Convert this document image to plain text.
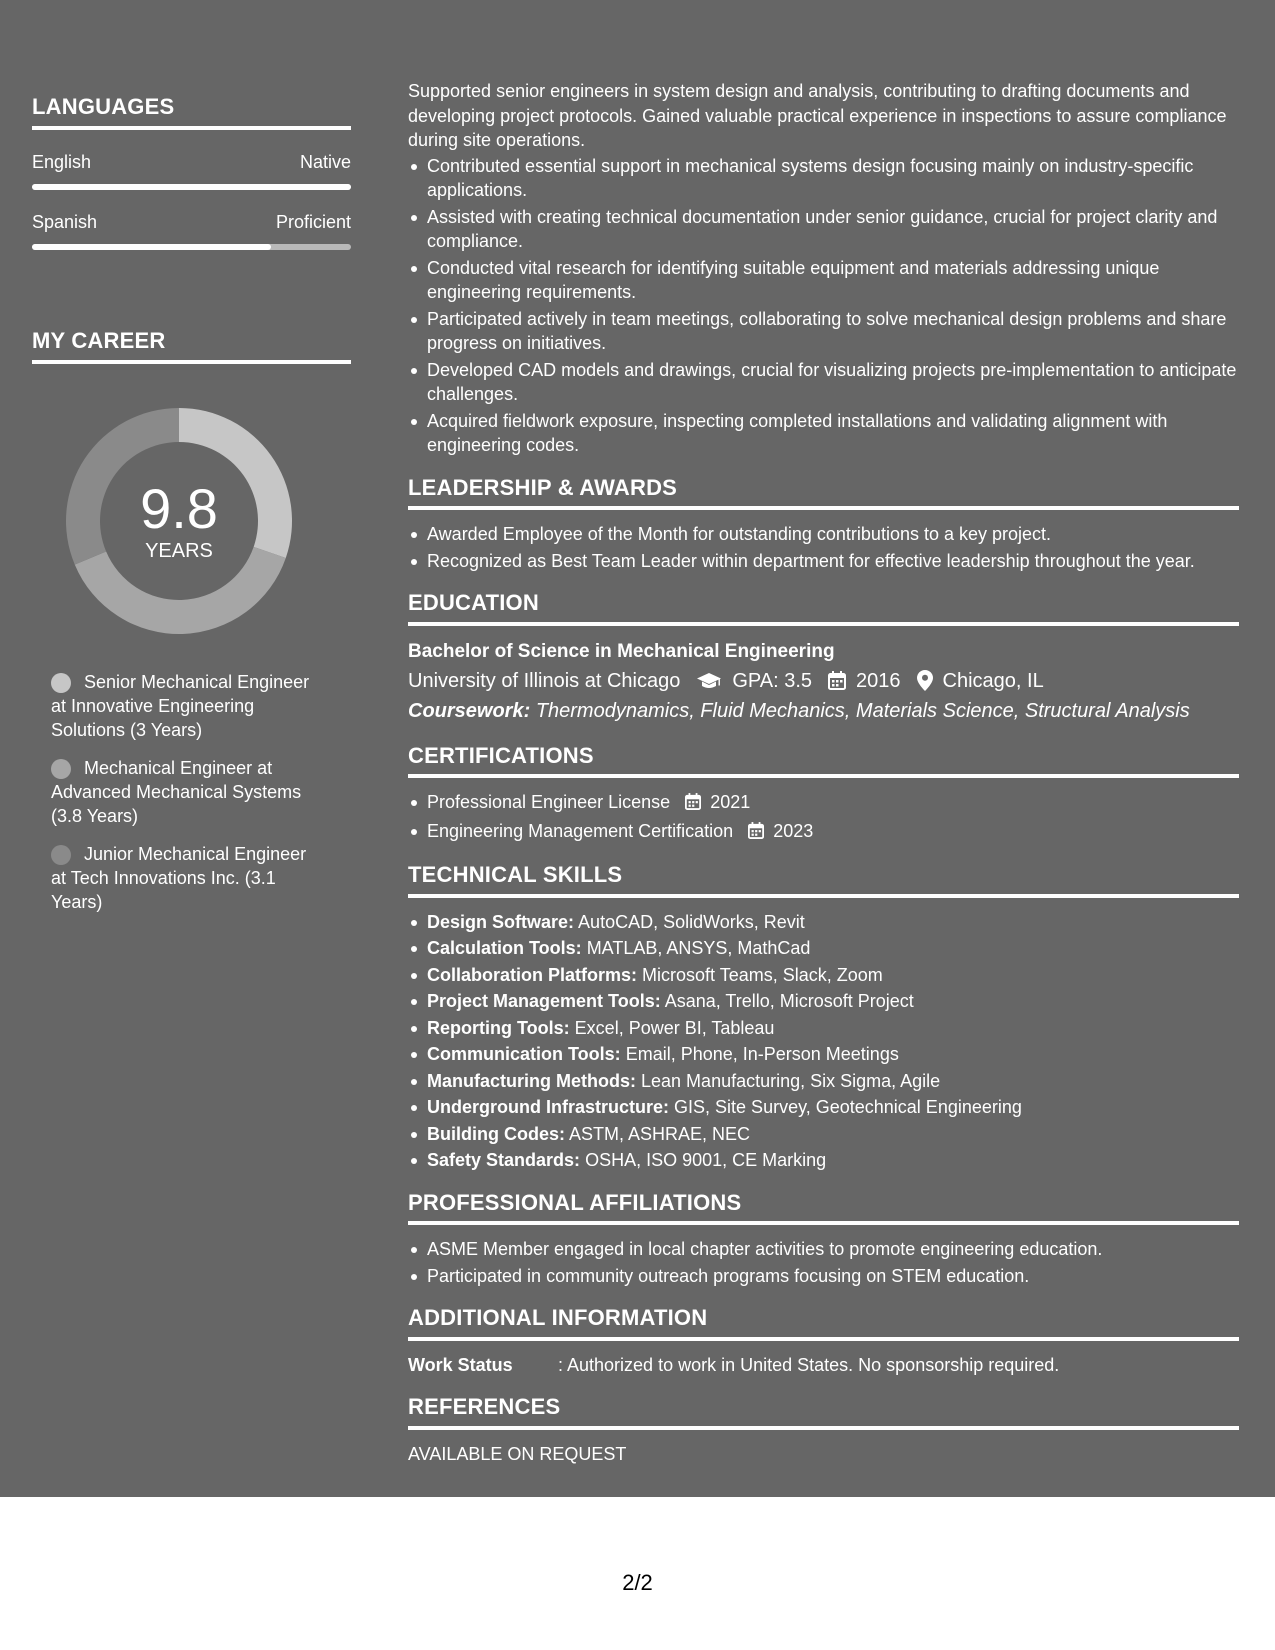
LANGUAGES
English	Native
Spanish	Proficient
MY CAREER
9.8
YEARS
Senior Mechanical Engineer at Innovative Engineering Solutions (3 Years)
Mechanical Engineer at Advanced Mechanical Systems (3.8 Years)
Junior Mechanical Engineer at Tech Innovations Inc. (3.1 Years)

Supported senior engineers in system design and analysis, contributing to drafting documents and developing project protocols. Gained valuable practical experience in inspections to assure compliance during site operations.

Contributed essential support in mechanical systems design focusing mainly on industry-specific applications.
Assisted with creating technical documentation under senior guidance, crucial for project clarity and compliance.
Conducted vital research for identifying suitable equipment and materials addressing unique engineering requirements.
Participated actively in team meetings, collaborating to solve mechanical design problems and share progress on initiatives.
Developed CAD models and drawings, crucial for visualizing projects pre-implementation to anticipate challenges.
Acquired fieldwork exposure, inspecting completed installations and validating alignment with engineering codes.
LEADERSHIP & AWARDS
Awarded Employee of the Month for outstanding contributions to a key project.
Recognized as Best Team Leader within department for effective leadership throughout the year.
EDUCATION
Bachelor of Science in Mechanical Engineering
University of Illinois at Chicago	GPA: 3.5 2016 Chicago, IL
Coursework: Thermodynamics, Fluid Mechanics, Materials Science, Structural Analysis
CERTIFICATIONS
Professional Engineer License 2021
Engineering Management Certification 2023
TECHNICAL SKILLS
Design Software: AutoCAD, SolidWorks, Revit
Calculation Tools: MATLAB, ANSYS, MathCad
Collaboration Platforms: Microsoft Teams, Slack, Zoom
Project Management Tools: Asana, Trello, Microsoft Project
Reporting Tools: Excel, Power BI, Tableau
Communication Tools: Email, Phone, In-Person Meetings
Manufacturing Methods: Lean Manufacturing, Six Sigma, Agile
Underground Infrastructure: GIS, Site Survey, Geotechnical Engineering
Building Codes: ASTM, ASHRAE, NEC
Safety Standards: OSHA, ISO 9001, CE Marking
PROFESSIONAL AFFILIATIONS
ASME Member engaged in local chapter activities to promote engineering education.
Participated in community outreach programs focusing on STEM education.
ADDITIONAL INFORMATION
Work Status	: Authorized to work in United States. No sponsorship required.
REFERENCES
AVAILABLE ON REQUEST
2/2
